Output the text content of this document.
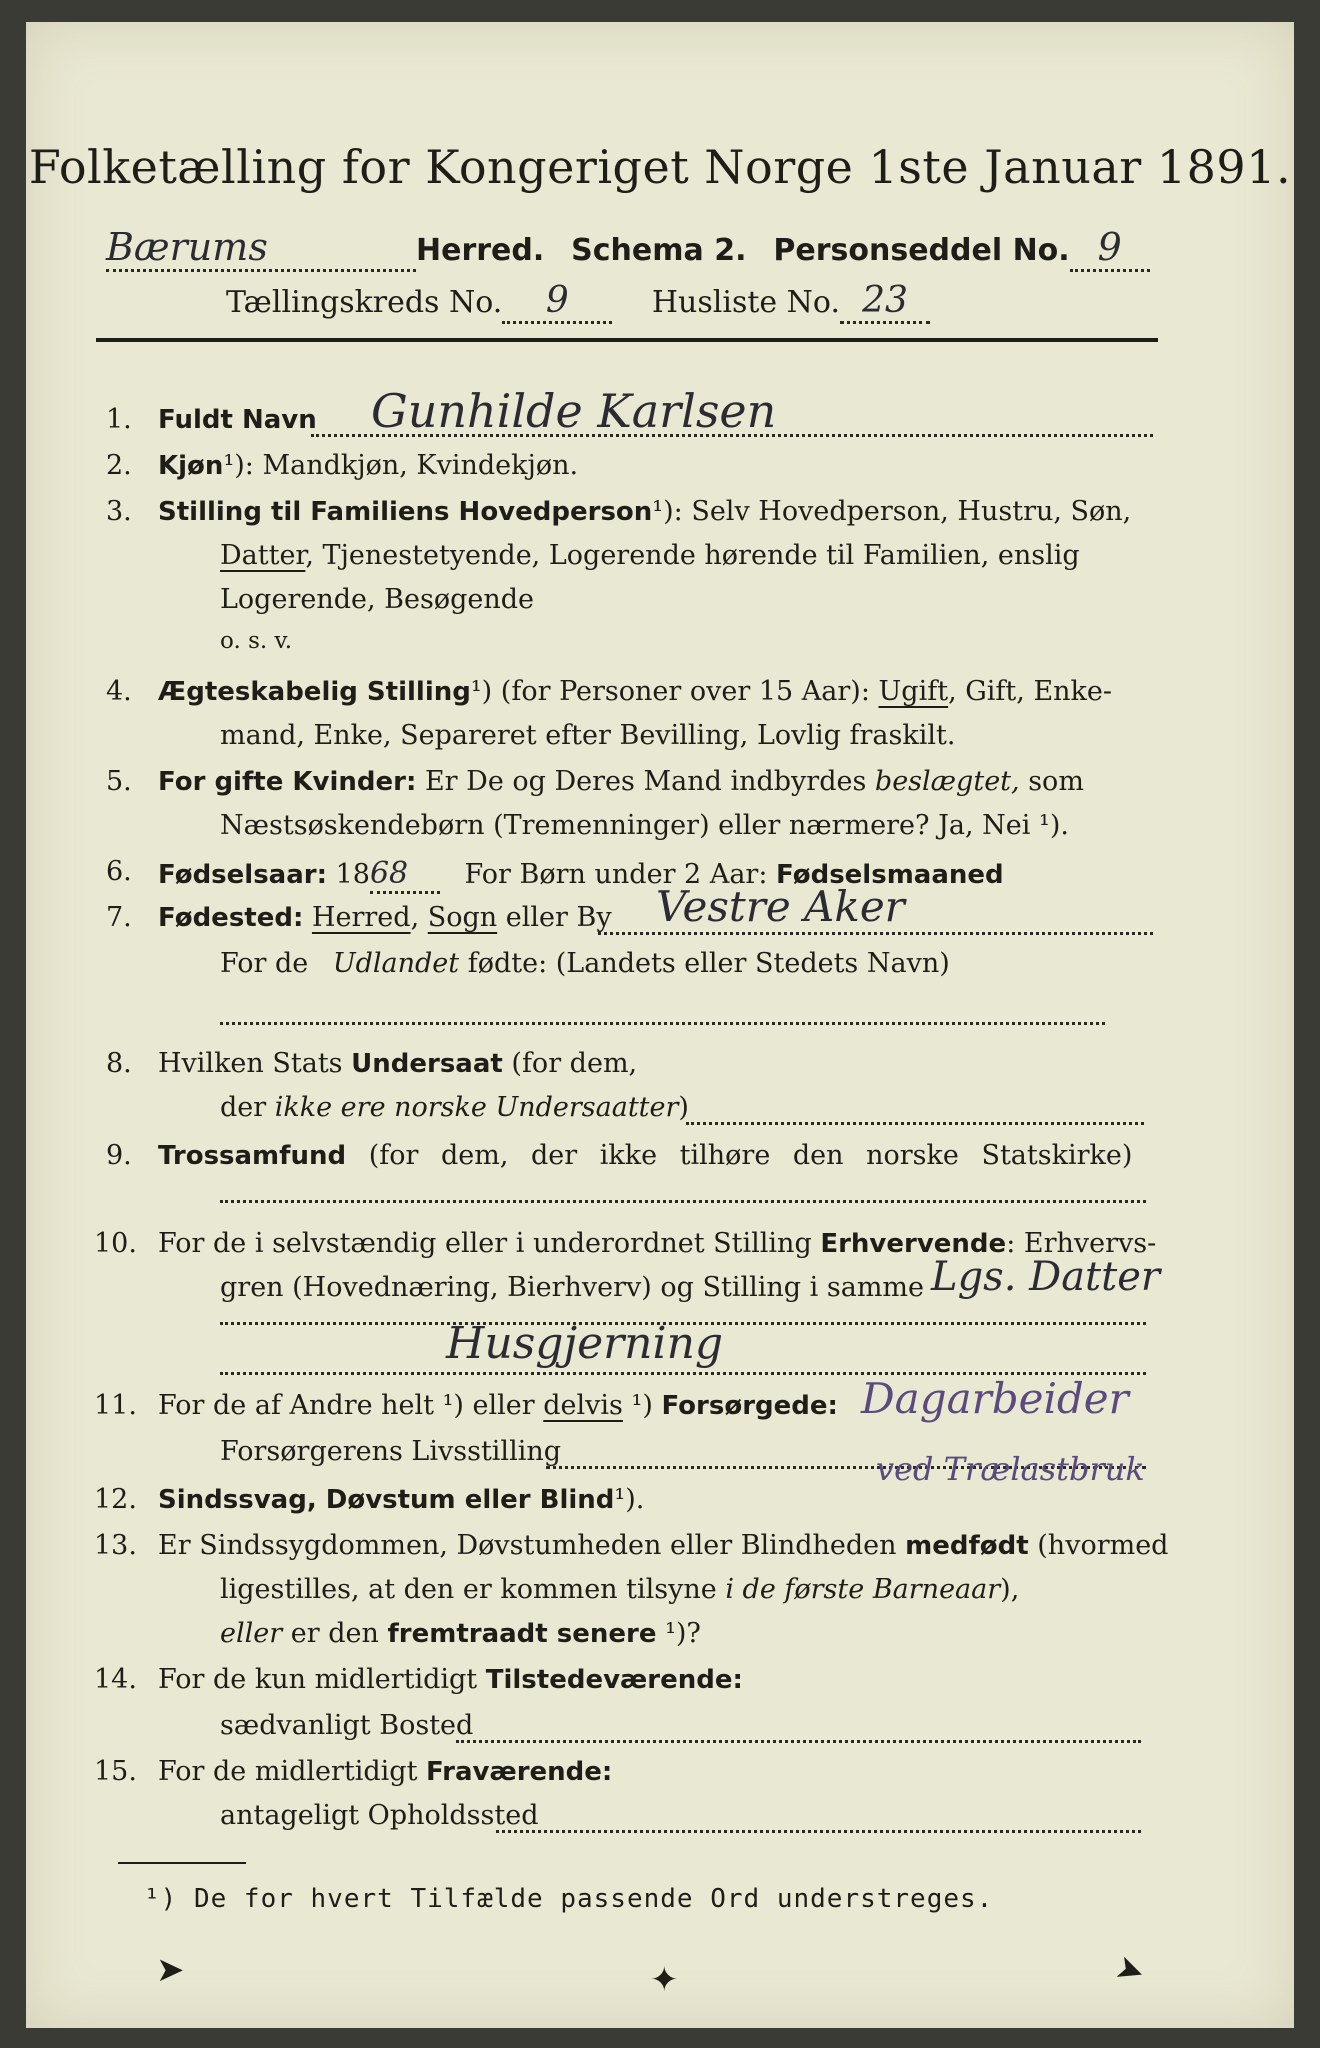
Folketælling for Kongeriget Norge 1ste Januar 1891.
Bærums	Herred. Schema 2. Personseddel No. 9
Tællingskreds No. 9	Husliste No. 23
1. Fuldt Navn Gunhilde Karlsen
2. Kjøn¹): Mandkjøn, Kvindekjøn.
3. Stilling til Familiens Hovedperson¹): Selv Hovedperson, Hustru, Søn,
Datter, Tjenestetyende, Logerende hørende til Familien, enslig
Logerende, Besøgende
o. s. v.
4. Ægteskabelig Stilling¹) (for Personer over 15 Aar): Ugift, Gift, Enke-
mand, Enke, Separeret efter Bevilling, Lovlig fraskilt.
5. For gifte Kvinder: Er De og Deres Mand indbyrdes beslægtet, som
Næstsøskendebørn (Tremenninger) eller nærmere? Ja, Nei ¹).
6. Fødselsaar: 1868 For Børn under 2 Aar: Fødselsmaaned
7. Fødested: Herred, Sogn eller By Vestre Aker
For de Udlandet fødte: (Landets eller Stedets Navn)
8. Hvilken Stats Undersaat (for dem,
der ikke ere norske Undersaatter)
9. Trossamfund (for dem, der ikke tilhøre den norske Statskirke)
10. For de i selvstændig eller i underordnet Stilling Erhvervende: Erhvervs-
gren (Hovednæring, Bierhverv) og Stilling i samme Lgs. Datter
Husgjerning
11. For de af Andre helt ¹) eller delvis ¹) Forsørgede: Dagarbeider
Forsørgerens Livsstilling	ved Trælastbruk
12. Sindssvag, Døvstum eller Blind¹).
13. Er Sindssygdommen, Døvstumheden eller Blindheden medfødt (hvormed
ligestilles, at den er kommen tilsyne i de første Barneaar),
eller er den fremtraadt senere ¹)?
14. For de kun midlertidigt Tilstedeværende:
sædvanligt Bosted
15. For de midlertidigt Fraværende:
antageligt Opholdssted
¹) De for hvert Tilfælde passende Ord understreges.
➤	✦	➤
